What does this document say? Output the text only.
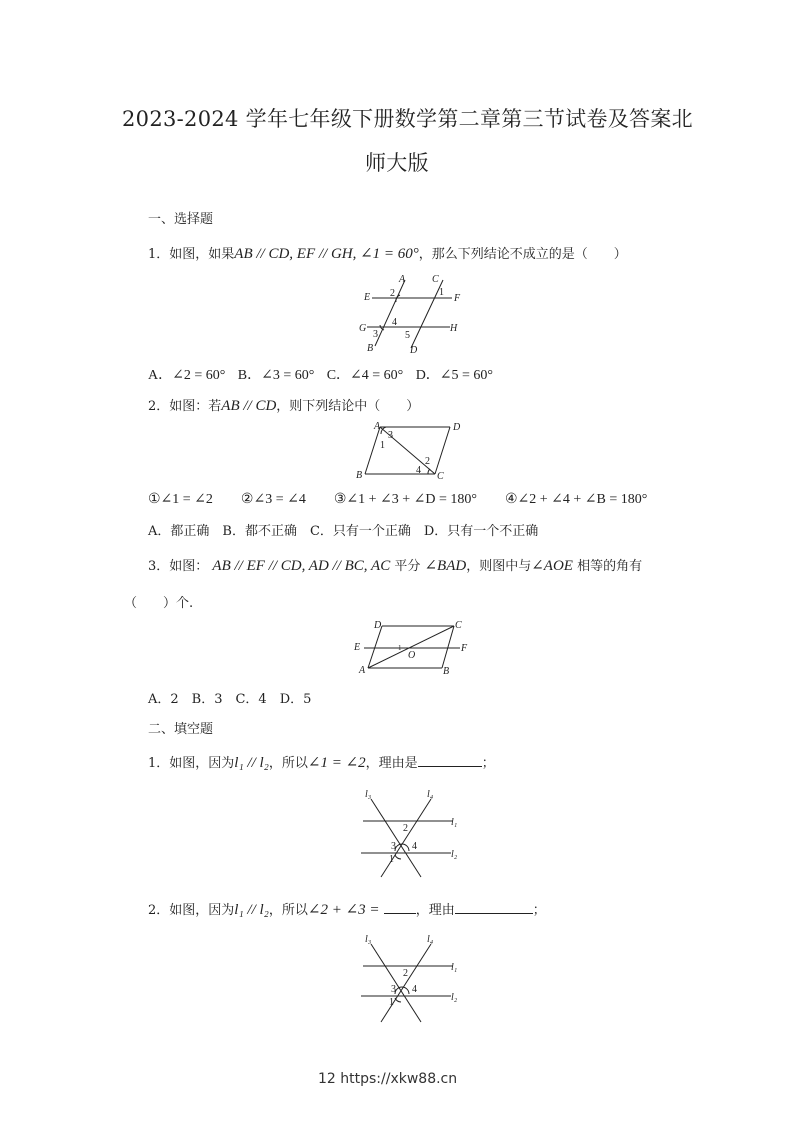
2023-2024 学年七年级下册数学第二章第三节试卷及答案北
师大版
一、选择题
1．如图，如果AB // CD, EF // GH, ∠1 = 60°，那么下列结论不成立的是（　　）
A	C
E	F
G	H
B	D
2	1
4
3	5
A．∠2 = 60° B．∠3 = 60° C．∠4 = 60° D．∠5 = 60°
2．如图：若AB // CD，则下列结论中（　　）
A	D
B	C
3
1
2
4
①∠1 = ∠2　　②∠3 = ∠4　　③∠1 + ∠3 + ∠D = 180°　　④∠2 + ∠4 + ∠B = 180°
A．都正确　B．都不正确　C．只有一个正确　D．只有一个不正确
3．如图： AB // EF // CD, AD // BC, AC 平分 ∠BAD，则图中与∠AOE 相等的角有
（　　）个.
D	C
E	F
A	B
O
1
A．2　B．3　C．4　D．5
二、填空题
1．如图，因为l₁ // l₂，所以∠1 = ∠2，理由是	；
l₃	l₄
l₁
l₂
2
3 4
1
2．如图，因为l₁ // l₂，所以∠2 + ∠3 =	，理由	；
l₃	l₄
l₁
l₂
2
3 4
1
12 https://xkw88.cn
